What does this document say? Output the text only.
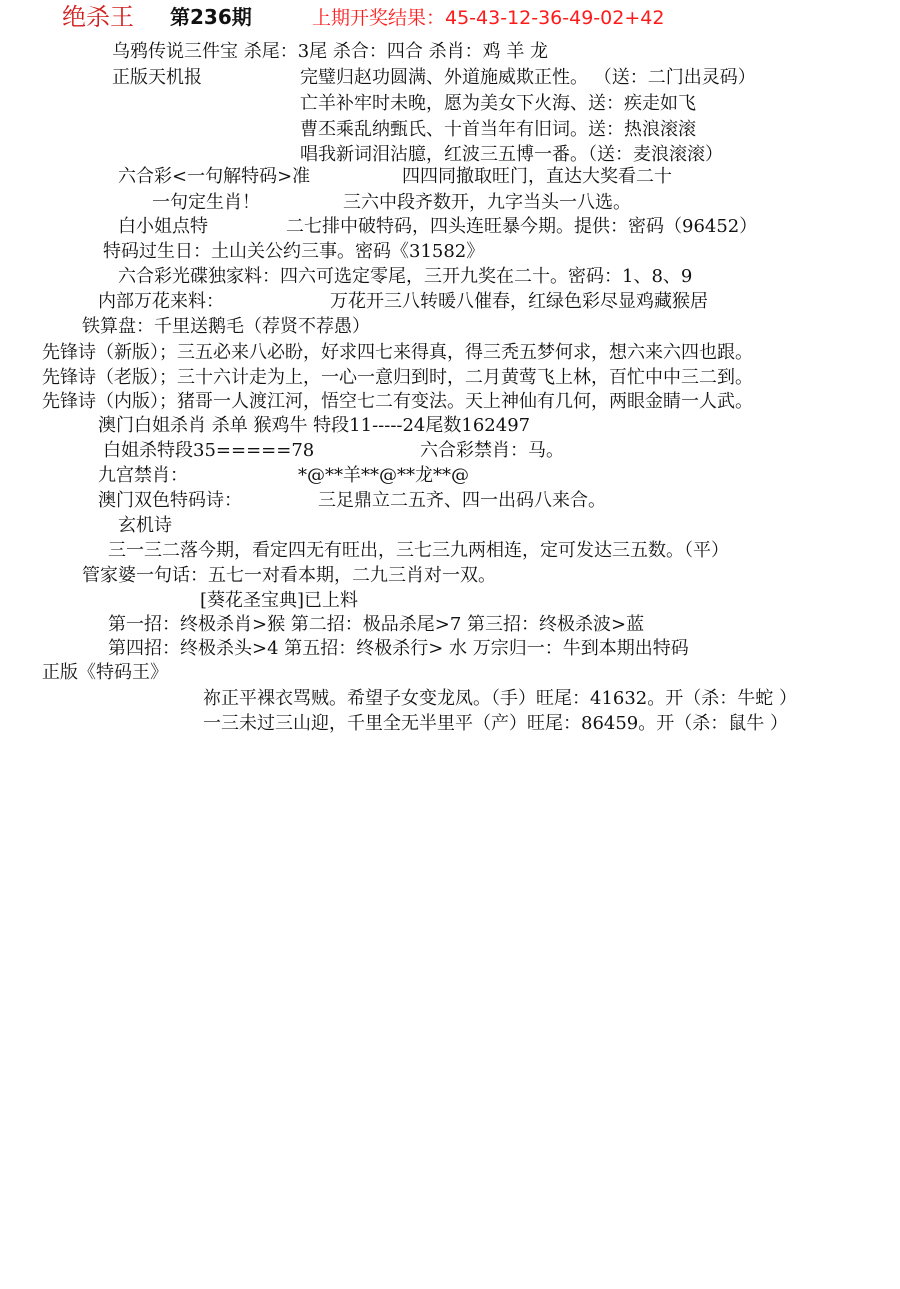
绝杀王 第236期	上期开奖结果：45-43-12-36-49-02+42
乌鸦传说三件宝 杀尾：3尾 杀合：四合 杀肖：鸡 羊 龙
正版天机报	完璧归赵功圆满、外道施威欺正性。 （送：二门出灵码）
亡羊补牢时未晚，愿为美女下火海、送：疾走如飞
曹丕乘乱纳甄氏、十首当年有旧词。送：热浪滚滚
唱我新词泪沾臆，红波三五博一番。（送：麦浪滚滚）
六合彩<一句解特码>准	四四同撤取旺门，直达大奖看二十
一句定生肖！	三六中段齐数开，九字当头一八选。
白小姐点特	二七排中破特码，四头连旺暴今期。提供：密码（96452）
特码过生日：土山关公约三事。密码《31582》
六合彩光碟独家料：四六可选定零尾，三开九奖在二十。密码：1、8、9
内部万花来料：	万花开三八转暖八催春，红绿色彩尽显鸡藏猴居
铁算盘：千里送鹅毛（荐贤不荐愚）
先锋诗（新版）；三五必来八必盼，好求四七来得真，得三秃五梦何求，想六来六四也跟。
先锋诗（老版）；三十六计走为上，一心一意归到时，二月黄莺飞上林，百忙中中三二到。
先锋诗（内版）；猪哥一人渡江河，悟空七二有变法。天上神仙有几何，两眼金睛一人武。
澳门白姐杀肖 杀单 猴鸡牛 特段11-----24尾数162497
白姐杀特段35=====78	六合彩禁肖：马。
九宫禁肖：	*@**羊**@**龙**@
澳门双色特码诗：	三足鼎立二五齐、四一出码八来合。
玄机诗
三一三二落今期，看定四无有旺出，三七三九两相连，定可发达三五数。（平）
管家婆一句话：五七一对看本期，二九三肖对一双。
[葵花圣宝典]已上料
第一招：终极杀肖>猴 第二招：极品杀尾>7 第三招：终极杀波>蓝
第四招：终极杀头>4 第五招：终极杀行> 水 万宗归一：牛到本期出特码
正版《特码王》
祢正平裸衣骂贼。希望子女变龙凤。（手）旺尾：41632。开（杀：牛蛇 ）
一三未过三山迎，千里全无半里平（产）旺尾：86459。开（杀：鼠牛 ）
